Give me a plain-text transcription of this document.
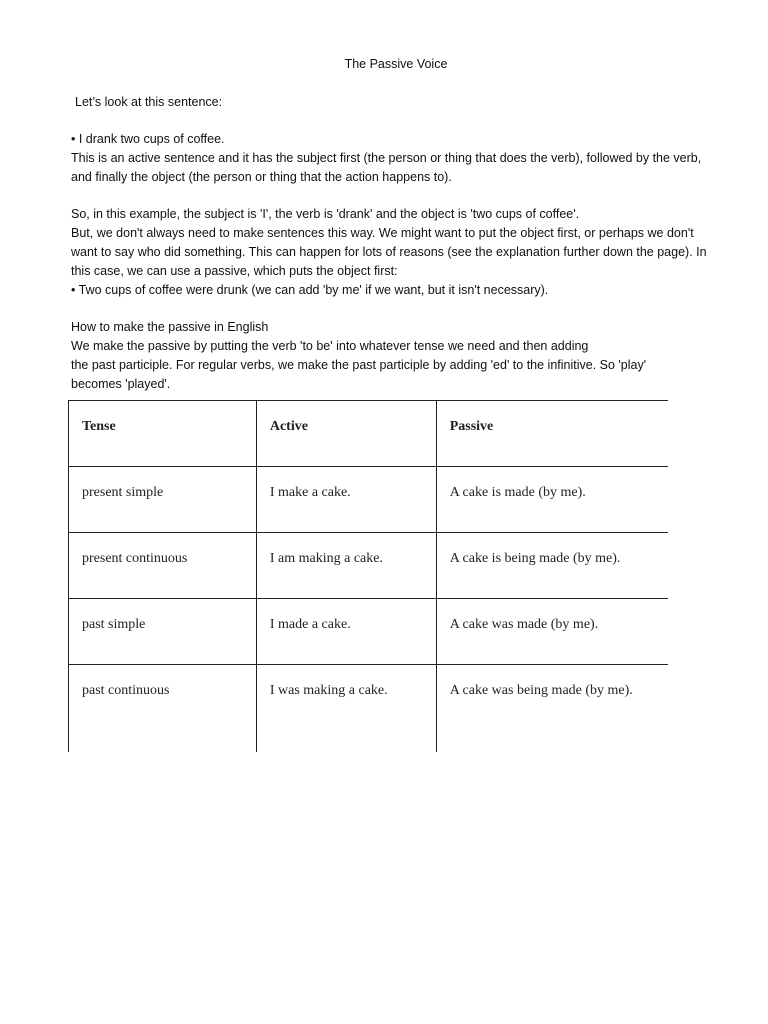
The Passive Voice

Let’s look at this sentence:

• I drank two cups of coffee.
This is an active sentence and it has the subject first (the person or thing that does the verb), followed by the verb,
and finally the object (the person or thing that the action happens to).

So, in this example, the subject is 'I', the verb is 'drank' and the object is 'two cups of coffee'.
But, we don't always need to make sentences this way. We might want to put the object first, or perhaps we don't
want to say who did something. This can happen for lots of reasons (see the explanation further down the page). In
this case, we can use a passive, which puts the object first:
• Two cups of coffee were drunk (we can add 'by me' if we want, but it isn't necessary).

How to make the passive in English
We make the passive by putting the verb 'to be' into whatever tense we need and then adding
the past participle. For regular verbs, we make the past participle by adding 'ed' to the infinitive. So 'play'
becomes 'played'.

Tense	Active	Passive
present simple	I make a cake.	A cake is made (by me).
present continuous	I am making a cake.	A cake is being made (by me).
past simple	I made a cake.	A cake was made (by me).
past continuous	I was making a cake.	A cake was being made (by me).
